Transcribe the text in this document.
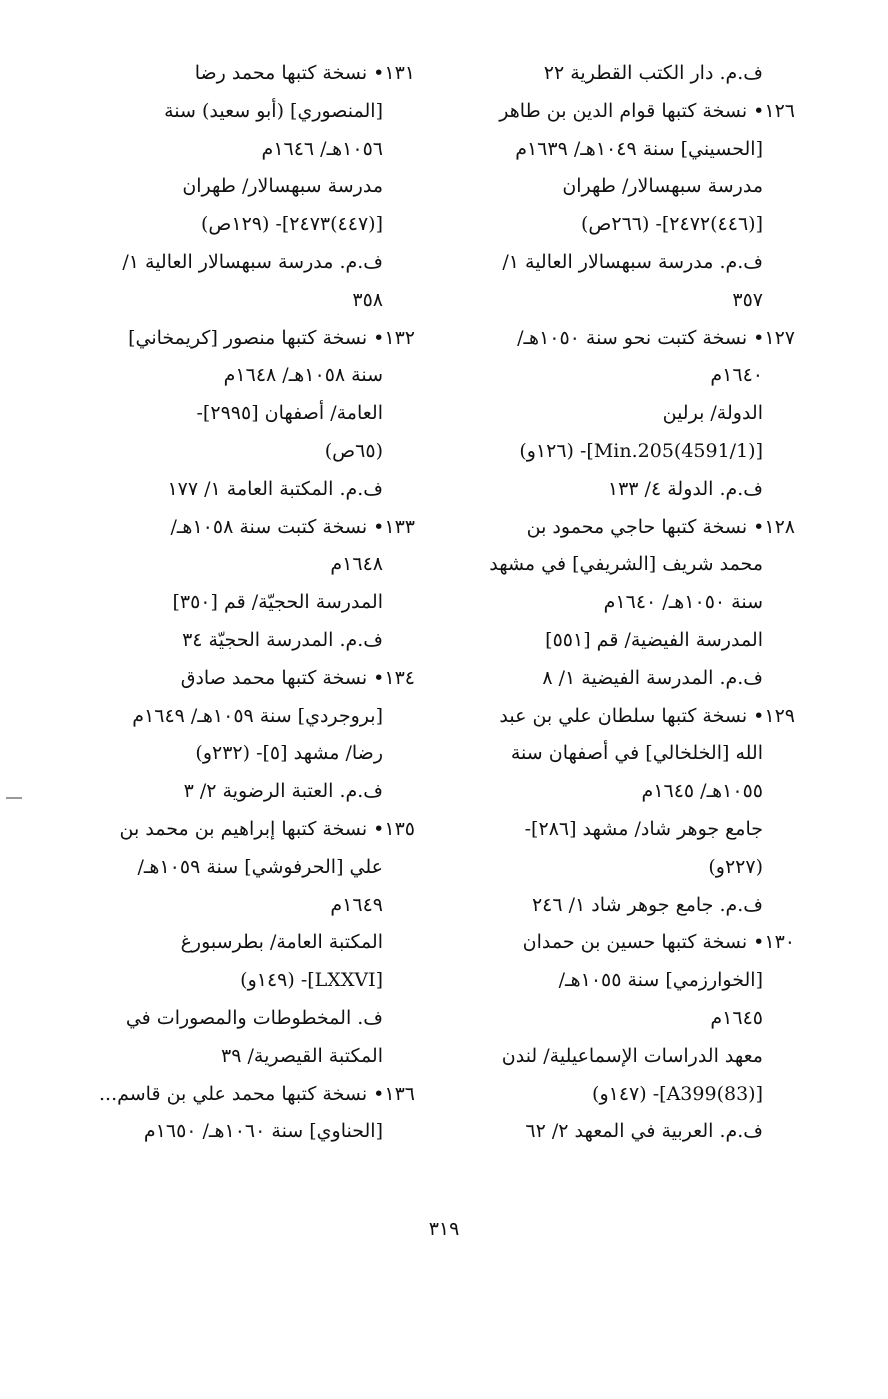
ف.م. دار الكتب القطرية ٢٢
١٢٦• نسخة كتبها قوام الدين بن طاهر
[الحسيني] سنة ١٠٤٩هـ/ ١٦٣٩م
مدرسة سبهسالار/ طهران
[(٤٤٦)٢٤٧٢]- (٢٦٦ص)
ف.م. مدرسة سبهسالار العالية ١/
٣٥٧
١٢٧• نسخة كتبت نحو سنة ١٠٥٠هـ/
١٦٤٠م
الدولة/ برلين
[(4591/1)Min.205]- (١٢٦و)
ف.م. الدولة ٤/ ١٣٣
١٢٨• نسخة كتبها حاجي محمود بن
محمد شريف [الشريفي] في مشهد
سنة ١٠٥٠هـ/ ١٦٤٠م
المدرسة الفيضية/ قم [٥٥١]
ف.م. المدرسة الفيضية ١/ ٨
١٢٩• نسخة كتبها سلطان علي بن عبد
الله [الخلخالي] في أصفهان سنة
١٠٥٥هـ/ ١٦٤٥م
جامع جوهر شاد/ مشهد [٢٨٦]-
(٢٢٧و)
ف.م. جامع جوهر شاد ١/ ٢٤٦
١٣٠• نسخة كتبها حسين بن حمدان
[الخوارزمي] سنة ١٠٥٥هـ/
١٦٤٥م
معهد الدراسات الإسماعيلية/ لندن
[(83)A399]- (١٤٧و)
ف.م. العربية في المعهد ٢/ ٦٢
١٣١• نسخة كتبها محمد رضا
[المنصوري] (أبو سعيد) سنة
١٠٥٦هـ/ ١٦٤٦م
مدرسة سبهسالار/ طهران
[(٤٤٧)٢٤٧٣]- (١٢٩ص)
ف.م. مدرسة سبهسالار العالية ١/
٣٥٨
١٣٢• نسخة كتبها منصور [كريمخاني]
سنة ١٠٥٨هـ/ ١٦٤٨م
العامة/ أصفهان [٢٩٩٥]-
(٦٥ص)
ف.م. المكتبة العامة ١/ ١٧٧
١٣٣• نسخة كتبت سنة ١٠٥٨هـ/
١٦٤٨م
المدرسة الحجيّة/ قم [٣٥٠]
ف.م. المدرسة الحجيّة ٣٤
١٣٤• نسخة كتبها محمد صادق
[بروجردي] سنة ١٠٥٩هـ/ ١٦٤٩م
رضا/ مشهد [٥]- (٢٣٢و)
ف.م. العتبة الرضوية ٢/ ٣
١٣٥• نسخة كتبها إبراهيم بن محمد بن
علي [الحرفوشي] سنة ١٠٥٩هـ/
١٦٤٩م
المكتبة العامة/ بطرسبورغ
[LXXVI]- (١٤٩و)
ف. المخطوطات والمصورات في
المكتبة القيصرية/ ٣٩
١٣٦• نسخة كتبها محمد علي بن قاسم...
[الحناوي] سنة ١٠٦٠هـ/ ١٦٥٠م
٣١٩
